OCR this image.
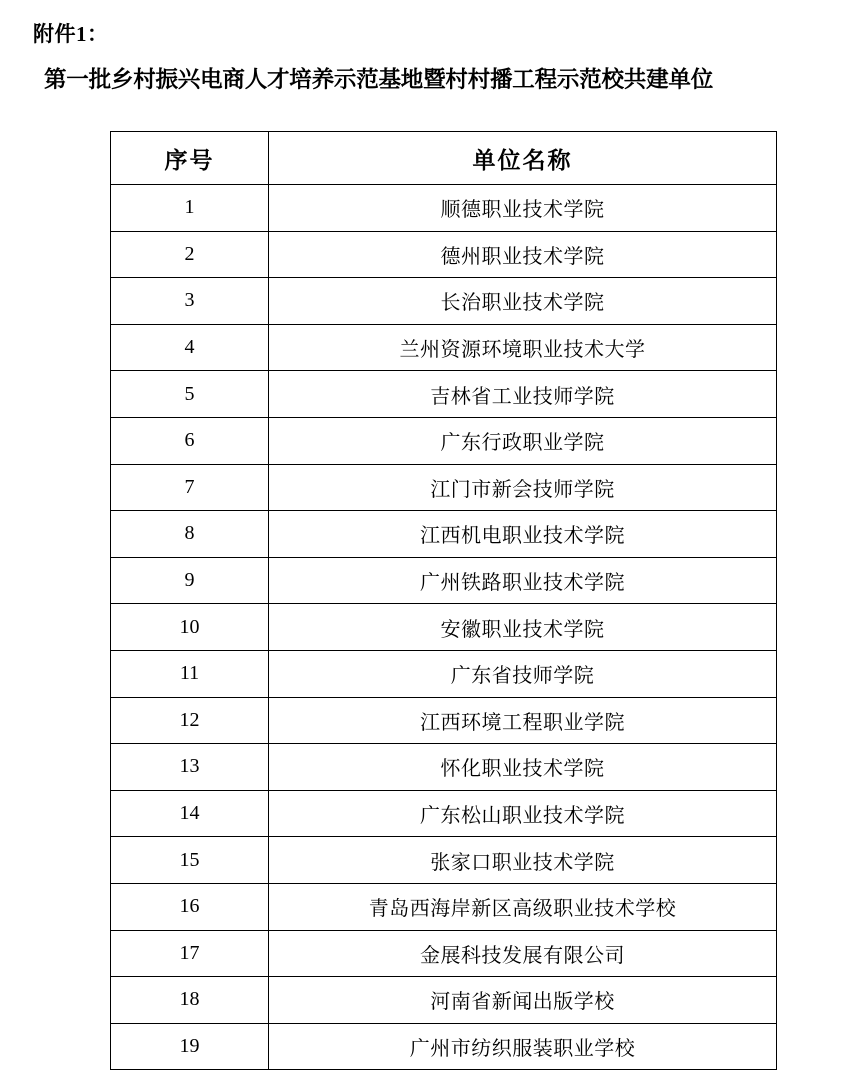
附件1：
第一批乡村振兴电商人才培养示范基地暨村村播工程示范校共建单位
序号	单位名称
1	顺德职业技术学院
2	德州职业技术学院
3	长治职业技术学院
4	兰州资源环境职业技术大学
5	吉林省工业技师学院
6	广东行政职业学院
7	江门市新会技师学院
8	江西机电职业技术学院
9	广州铁路职业技术学院
10	安徽职业技术学院
11	广东省技师学院
12	江西环境工程职业学院
13	怀化职业技术学院
14	广东松山职业技术学院
15	张家口职业技术学院
16	青岛西海岸新区高级职业技术学校
17	金展科技发展有限公司
18	河南省新闻出版学校
19	广州市纺织服装职业学校
